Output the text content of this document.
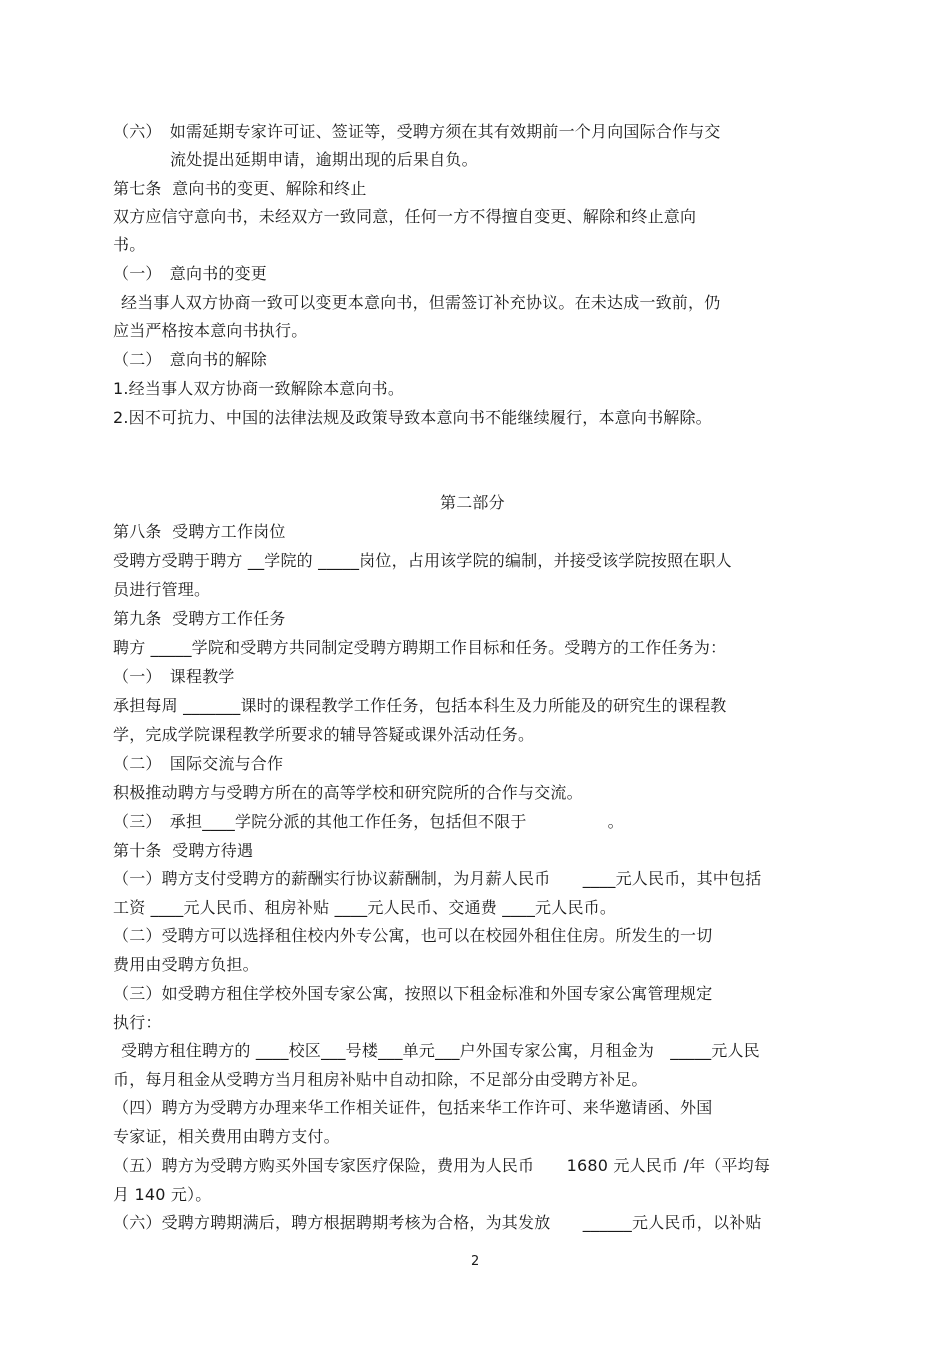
（六）　如需延期专家许可证、签证等，受聘方须在其有效期前一个月向国际合作与交
流处提出延期申请，逾期出现的后果自负。
第七条  意向书的变更、解除和终止
双方应信守意向书，未经双方一致同意，任何一方不得擅自变更、解除和终止意向
书。
（一）　意向书的变更
经当事人双方协商一致可以变更本意向书，但需签订补充协议。在未达成一致前，仍
应当严格按本意向书执行。
（二）　意向书的解除
1.经当事人双方协商一致解除本意向书。
2.因不可抗力、中国的法律法规及政策导致本意向书不能继续履行，本意向书解除。
第二部分
第八条  受聘方工作岗位
受聘方受聘于聘方 __学院的 _____岗位，占用该学院的编制，并接受该学院按照在职人
员进行管理。
第九条  受聘方工作任务
聘方 _____学院和受聘方共同制定受聘方聘期工作目标和任务。受聘方的工作任务为：
（一）　课程教学
承担每周 _______课时的课程教学工作任务，包括本科生及力所能及的研究生的课程教
学，完成学院课程教学所要求的辅导答疑或课外活动任务。
（二）　国际交流与合作
积极推动聘方与受聘方所在的高等学校和研究院所的合作与交流。
（三）　承担____学院分派的其他工作任务，包括但不限于　　　　　。
第十条  受聘方待遇
（一）聘方支付受聘方的薪酬实行协议薪酬制，为月薪人民币　　____元人民币，其中包括
工资 ____元人民币、租房补贴 ____元人民币、交通费 ____元人民币。
（二）受聘方可以选择租住校内外专公寓，也可以在校园外租住住房。所发生的一切
费用由受聘方负担。
（三）如受聘方租住学校外国专家公寓，按照以下租金标准和外国专家公寓管理规定
执行：
受聘方租住聘方的 ____校区___号楼___单元___户外国专家公寓，月租金为　_____元人民
币，每月租金从受聘方当月租房补贴中自动扣除，不足部分由受聘方补足。
（四）聘方为受聘方办理来华工作相关证件，包括来华工作许可、来华邀请函、外国
专家证，相关费用由聘方支付。
（五）聘方为受聘方购买外国专家医疗保险，费用为人民币　　1680 元人民币 /年（平均每
月 140 元）。
（六）受聘方聘期满后，聘方根据聘期考核为合格，为其发放　　______元人民币，以补贴
2
